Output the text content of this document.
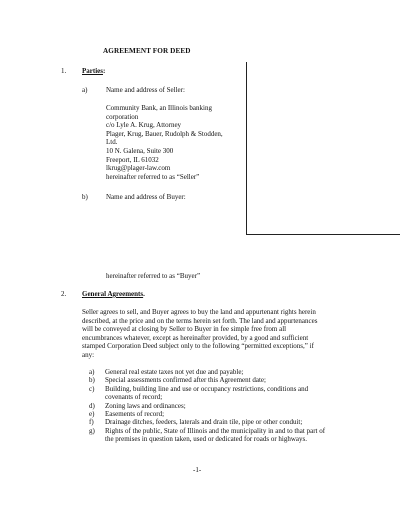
AGREEMENT FOR DEED
1. Parties:
a)	Name and address of Seller:
Community Bank, an Illinois banking
corporation
c/o Lyle A. Krug, Attorney
Plager, Krug, Bauer, Rudolph & Stodden,
Ltd.
10 N. Galena, Suite 300
Freeport, IL 61032
lkrug@plager-law.com
hereinafter referred to as “Seller”
b)	Name and address of Buyer:
hereinafter referred to as “Buyer”
2. General Agreements.
Seller agrees to sell, and Buyer agrees to buy the land and appurtenant rights herein
described, at the price and on the terms herein set forth. The land and appurtenances
will be conveyed at closing by Seller to Buyer in fee simple free from all
encumbrances whatever, except as hereinafter provided, by a good and sufficient
stamped Corporation Deed subject only to the following “permitted exceptions,” if
any:
a) General real estate taxes not yet due and payable;
b) Special assessments confirmed after this Agreement date;
c) Building, building line and use or occupancy restrictions, conditions and
covenants of record;
d) Zoning laws and ordinances;
e) Easements of record;
f) Drainage ditches, feeders, laterals and drain tile, pipe or other conduit;
g) Rights of the public, State of Illinois and the municipality in and to that part of
the premises in question taken, used or dedicated for roads or highways.
-1-
